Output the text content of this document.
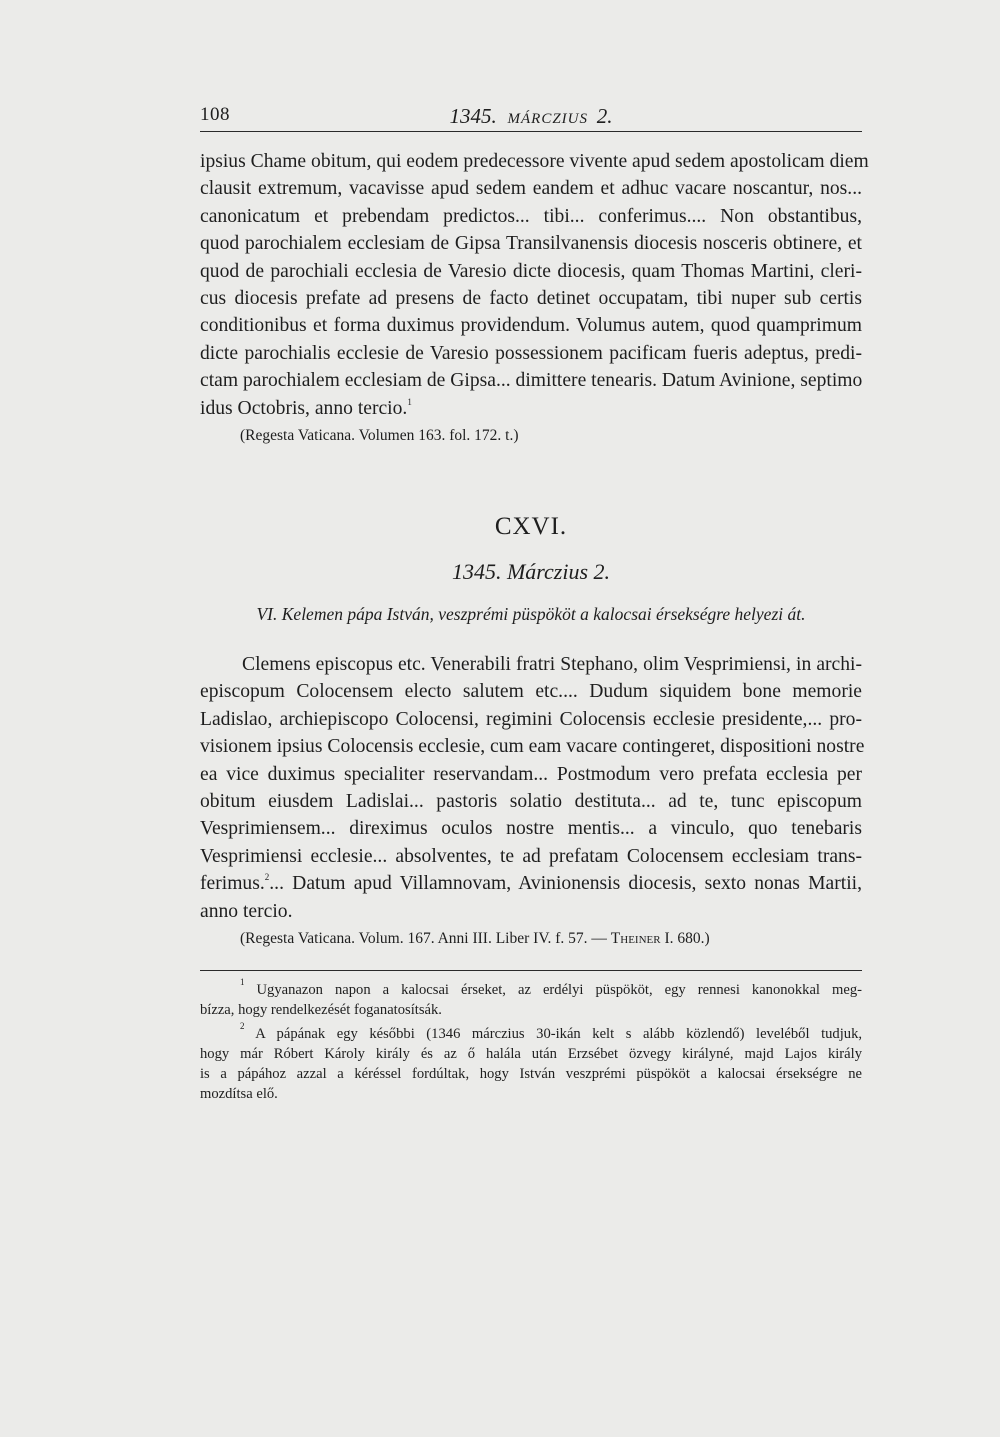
108	1345. MÁRCZIUS 2.
ipsius Chame obitum, qui eodem predecessore vivente apud sedem apostolicam diem
clausit extremum, vacavisse apud sedem eandem et adhuc vacare noscantur, nos...
canonicatum et prebendam predictos... tibi... conferimus.... Non obstantibus,
quod parochialem ecclesiam de Gipsa Transilvanensis diocesis nosceris obtinere, et
quod de parochiali ecclesia de Varesio dicte diocesis, quam Thomas Martini, cleri-
cus diocesis prefate ad presens de facto detinet occupatam, tibi nuper sub certis
conditionibus et forma duximus providendum. Volumus autem, quod quamprimum
dicte parochialis ecclesie de Varesio possessionem pacificam fueris adeptus, predi-
ctam parochialem ecclesiam de Gipsa... dimittere tenearis. Datum Avinione, septimo
idus Octobris, anno tercio.$^1$
(Regesta Vaticana. Volumen 163. fol. 172. t.)
CXVI.
1345. Márczius 2.
VI. Kelemen pápa István, veszprémi püspököt a kalocsai érsekségre helyezi át.
Clemens episcopus etc. Venerabili fratri Stephano, olim Vesprimiensi, in archi-
episcopum Colocensem electo salutem etc.... Dudum siquidem bone memorie
Ladislao, archiepiscopo Colocensi, regimini Colocensis ecclesie presidente,... pro-
visionem ipsius Colocensis ecclesie, cum eam vacare contingeret, dispositioni nostre
ea vice duximus specialiter reservandam... Postmodum vero prefata ecclesia per
obitum eiusdem Ladislai... pastoris solatio destituta... ad te, tunc episcopum
Vesprimiensem... direximus oculos nostre mentis... a vinculo, quo tenebaris
Vesprimiensi ecclesie... absolventes, te ad prefatam Colocensem ecclesiam trans-
ferimus.$^2$... Datum apud Villamnovam, Avinionensis diocesis, sexto nonas Martii,
anno tercio.
(Regesta Vaticana. Volum. 167. Anni III. Liber IV. f. 57. — Theiner I. 680.)
$^1$ Ugyanazon napon a kalocsai érseket, az erdélyi püspököt, egy rennesi kanonokkal meg-
bízza, hogy rendelkezését foganatosítsák.
$^2$ A pápának egy későbbi (1346 márczius 30-ikán kelt s alább közlendő) leveléből tudjuk,
hogy már Róbert Károly király és az ő halála után Erzsébet özvegy királyné, majd Lajos király
is a pápához azzal a kéréssel fordúltak, hogy István veszprémi püspököt a kalocsai érsekségre ne
mozdítsa elő.
